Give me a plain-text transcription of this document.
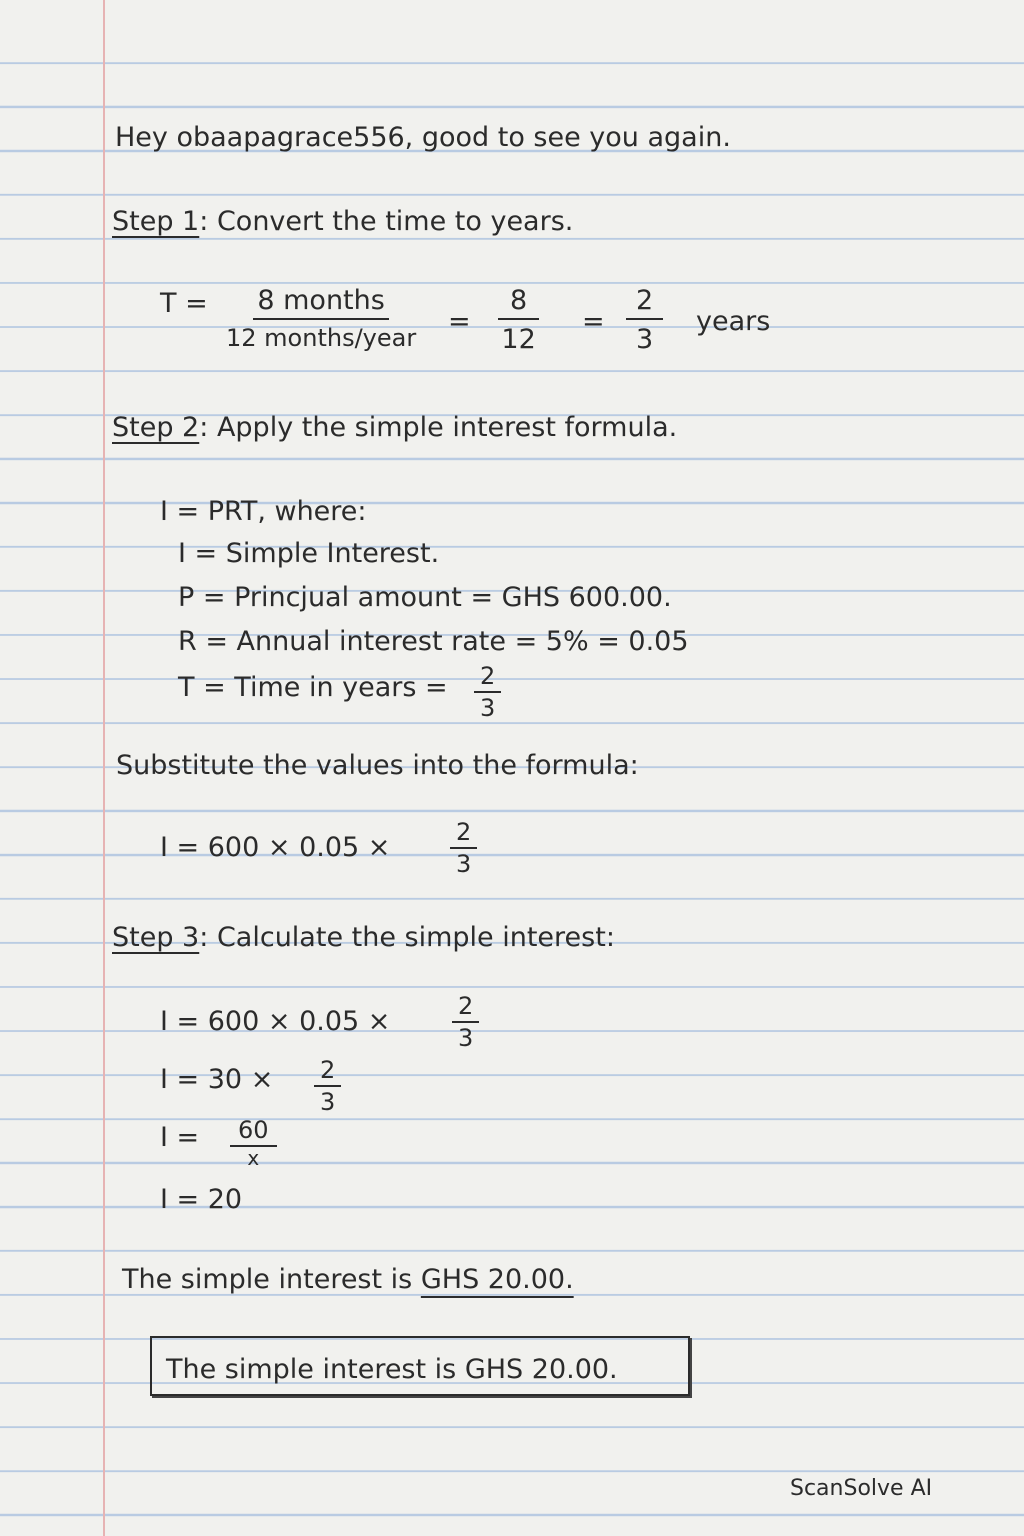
Hey obaapagrace556, good to see you again.
Step 1: Convert the time to years.
T = 8 months
12 months/year
= $\frac{8}{12} = \frac{2}{3}$ years
Step 2: Apply the simple interest formula.
I = PRT, where:
I = Simple Interest.
P = Princjual amount = GHS 600.00.
R = Annual interest rate = 5% = 0.05
T = Time in years = $\frac{2}{3}$
Substitute the values into the formula:
$I = 600 \times 0.05 \times \frac{2}{3}$
Step 3: Calculate the simple interest:
I = 600 × 0.05 ×	$\frac{2}{3}$
$I = 30 \times \frac{2}{3}$
I =	60
x
I = 20
The simple interest is GHS 20.00.
The simple interest is GHS 20.00.
ScanSolve AI
